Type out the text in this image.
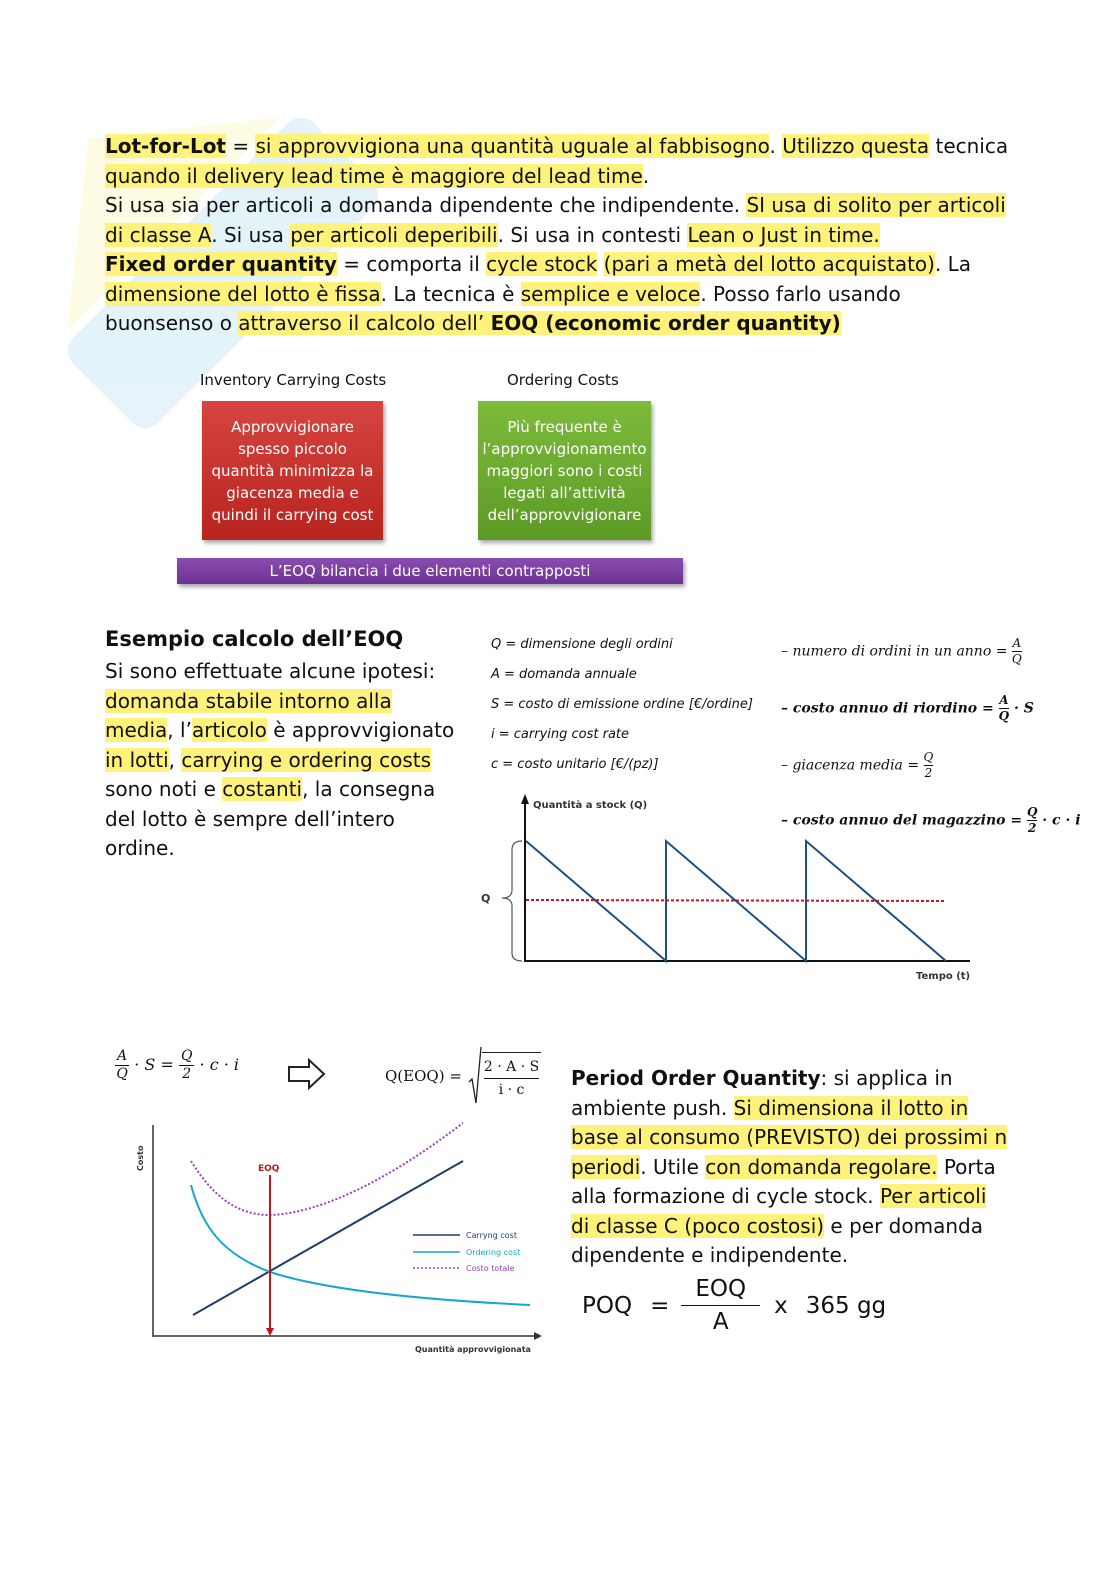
Lot-for-Lot = si approvvigiona una quantità uguale al fabbisogno. Utilizzo questa tecnica
quando il delivery lead time è maggiore del lead time.
Si usa sia per articoli a domanda dipendente che indipendente. SI usa di solito per articoli di classe A. Si usa per articoli deperibili. Si usa in contesti Lean o Just in time.
Fixed order quantity = comporta il cycle stock (pari a metà del lotto acquistato). La dimensione del lotto è fissa. La tecnica è semplice e veloce. Posso farlo usando buonsenso o attraverso il calcolo dell’ EOQ (economic order quantity)
Inventory Carrying Costs	Ordering Costs
Approvvigionare spesso piccolo quantità minimizza la giacenza media e quindi il carrying cost
Più frequente è l’approvvigionamento maggiori sono i costi legati all’attività dell’approvvigionare
L’EOQ bilancia i due elementi contrapposti
Esempio calcolo dell’EOQ
Si sono effettuate alcune ipotesi: domanda stabile intorno alla media, l’articolo è approvvigionato in lotti, carrying e ordering costs sono noti e costanti, la consegna del lotto è sempre dell’intero ordine.
Q = dimensione degli ordini
A = domanda annuale
S = costo di emissione ordine [€/ordine]
i = carrying cost rate
c = costo unitario [€/(pz)]
– numero di ordini in un anno = $\frac{A}{Q}$
– costo annuo di riordino = $\frac{A}{Q} \cdot S$
– giacenza media = $\frac{Q}{2}$
– costo annuo del magazzino = $\frac{Q}{2} \cdot c \cdot i$
Quantità a stock (Q)
Tempo (t)
Q
$\frac{A}{Q} \cdot S = \frac{Q}{2} \cdot c \cdot i$
$Q(EOQ) = \frac{2 \cdot A \cdot S}{i \cdot c}$
Costo
Quantità approvvigionata
EOQ
Carryng cost
Ordering cost
Costo totale
Period Order Quantity: si applica in ambiente push. Si dimensiona il lotto in base al consumo (PREVISTO) dei prossimi n periodi. Utile con domanda regolare. Porta alla formazione di cycle stock. Per articoli di classe C (poco costosi) e per domanda dipendente e indipendente.
POQ =
EOQ
A
x 365 gg
